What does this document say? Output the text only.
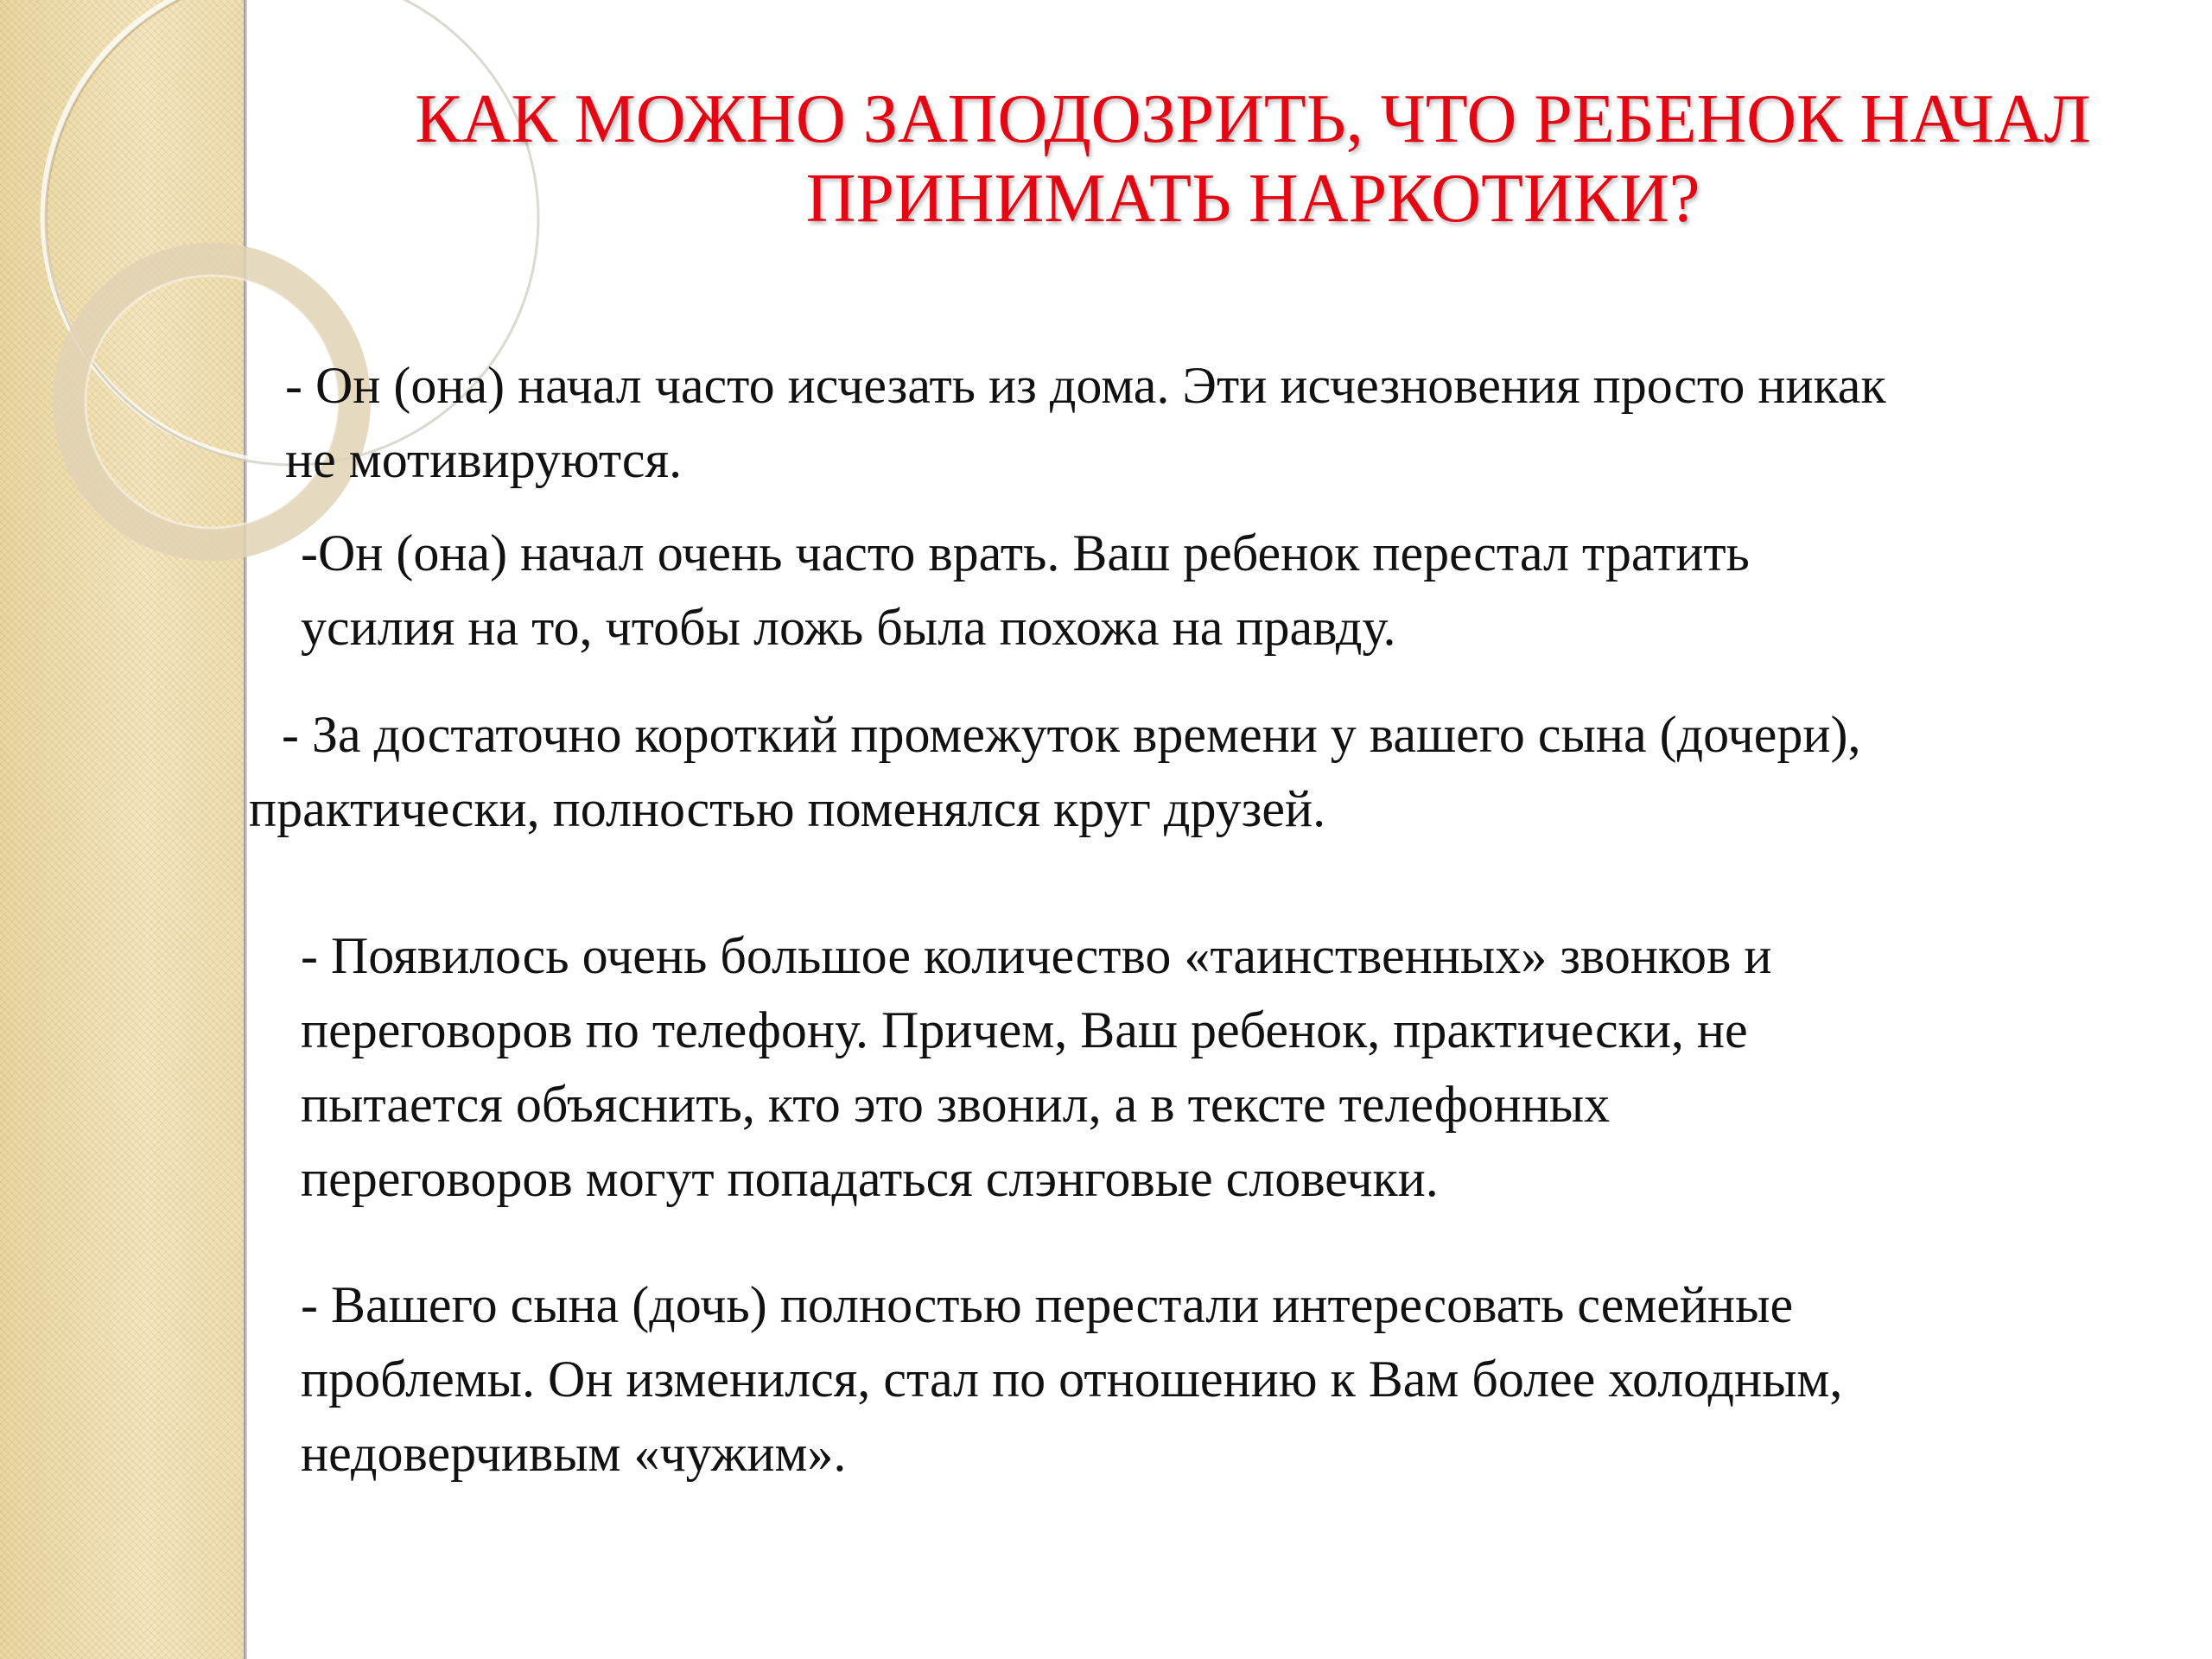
КАК МОЖНО ЗАПОДОЗРИТЬ, ЧТО РЕБЕНОК НАЧАЛ
ПРИНИМАТЬ НАРКОТИКИ?

- Он (она) начал часто исчезать из дома. Эти исчезновения просто никак
не мотивируются.

-Он (она) начал очень часто врать. Ваш ребенок перестал тратить
усилия на то, чтобы ложь была похожа на правду.

- За достаточно короткий промежуток времени у вашего сына (дочери),
практически, полностью поменялся круг друзей.

- Появилось очень большое количество «таинственных» звонков и
переговоров по телефону. Причем, Ваш ребенок, практически, не
пытается объяснить, кто это звонил, а в тексте телефонных
переговоров могут попадаться слэнговые словечки.

- Вашего сына (дочь) полностью перестали интересовать семейные
проблемы. Он изменился, стал по отношению к Вам более холодным,
недоверчивым «чужим».
